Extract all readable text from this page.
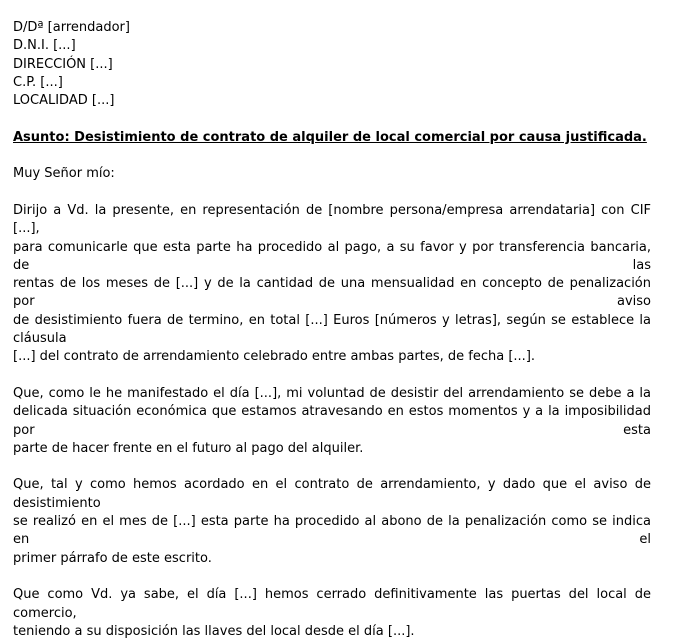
D/Dª [arrendador]
D.N.I. [...]
DIRECCIÓN [...]
C.P. [...]
LOCALIDAD [...]
Asunto: Desistimiento de contrato de alquiler de local comercial por causa justificada.
Muy Señor mío:

Dirijo a Vd. la presente, en representación de [nombre persona/empresa arrendataria] con CIF [...],
para comunicarle que esta parte ha procedido al pago, a su favor y por transferencia bancaria, de las
rentas de los meses de [...] y de la cantidad de una mensualidad en concepto de penalización por aviso
de desistimiento fuera de termino, en total [...] Euros [números y letras], según se establece la cláusula
[...] del contrato de arrendamiento celebrado entre ambas partes, de fecha [...].

Que, como le he manifestado el día [...], mi voluntad de desistir del arrendamiento se debe a la
delicada situación económica que estamos atravesando en estos momentos y a la imposibilidad por esta
parte de hacer frente en el futuro al pago del alquiler.

Que, tal y como hemos acordado en el contrato de arrendamiento, y dado que el aviso de desistimiento
se realizó en el mes de [...] esta parte ha procedido al abono de la penalización como se indica en el
primer párrafo de este escrito.

Que como Vd. ya sabe, el día [...] hemos cerrado definitivamente las puertas del local de comercio,
teniendo a su disposición las llaves del local desde el día [...].
